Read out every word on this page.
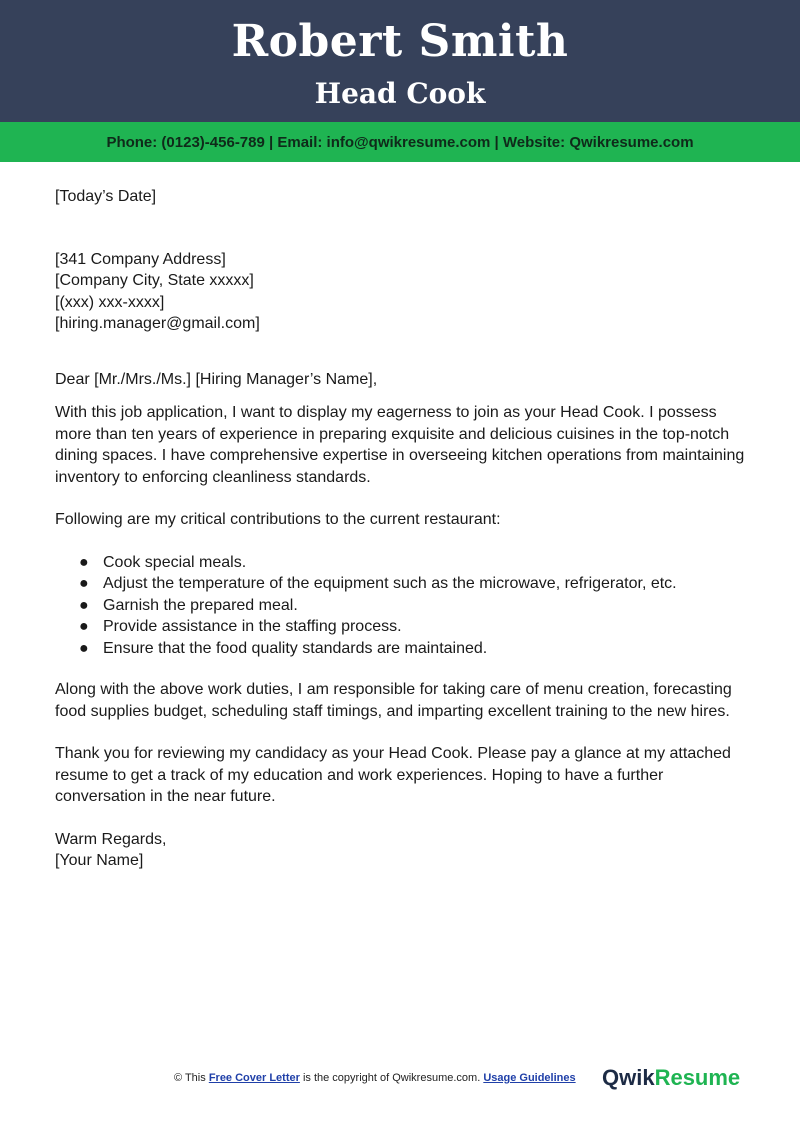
Robert Smith
Head Cook
Phone: (0123)-456-789 | Email: info@qwikresume.com | Website: Qwikresume.com

[Today’s Date]

[341 Company Address]

[Company City, State xxxxx]

[(xxx) xxx-xxxx]

[hiring.manager@gmail.com]

Dear [Mr./Mrs./Ms.] [Hiring Manager’s Name],

With this job application, I want to display my eagerness to join as your Head Cook. I possess more than ten years of experience in preparing exquisite and delicious cuisines in the top-notch dining spaces. I have comprehensive expertise in overseeing kitchen operations from maintaining inventory to enforcing cleanliness standards.

Following are my critical contributions to the current restaurant:

● Cook special meals.
● Adjust the temperature of the equipment such as the microwave, refrigerator, etc.
● Garnish the prepared meal.
● Provide assistance in the staffing process.
● Ensure that the food quality standards are maintained.

Along with the above work duties, I am responsible for taking care of menu creation, forecasting food supplies budget, scheduling staff timings, and imparting excellent training to the new hires.

Thank you for reviewing my candidacy as your Head Cook. Please pay a glance at my attached resume to get a track of my education and work experiences. Hoping to have a further conversation in the near future.

Warm Regards,

[Your Name]

© This Free Cover Letter is the copyright of Qwikresume.com. Usage Guidelines QwikResume
